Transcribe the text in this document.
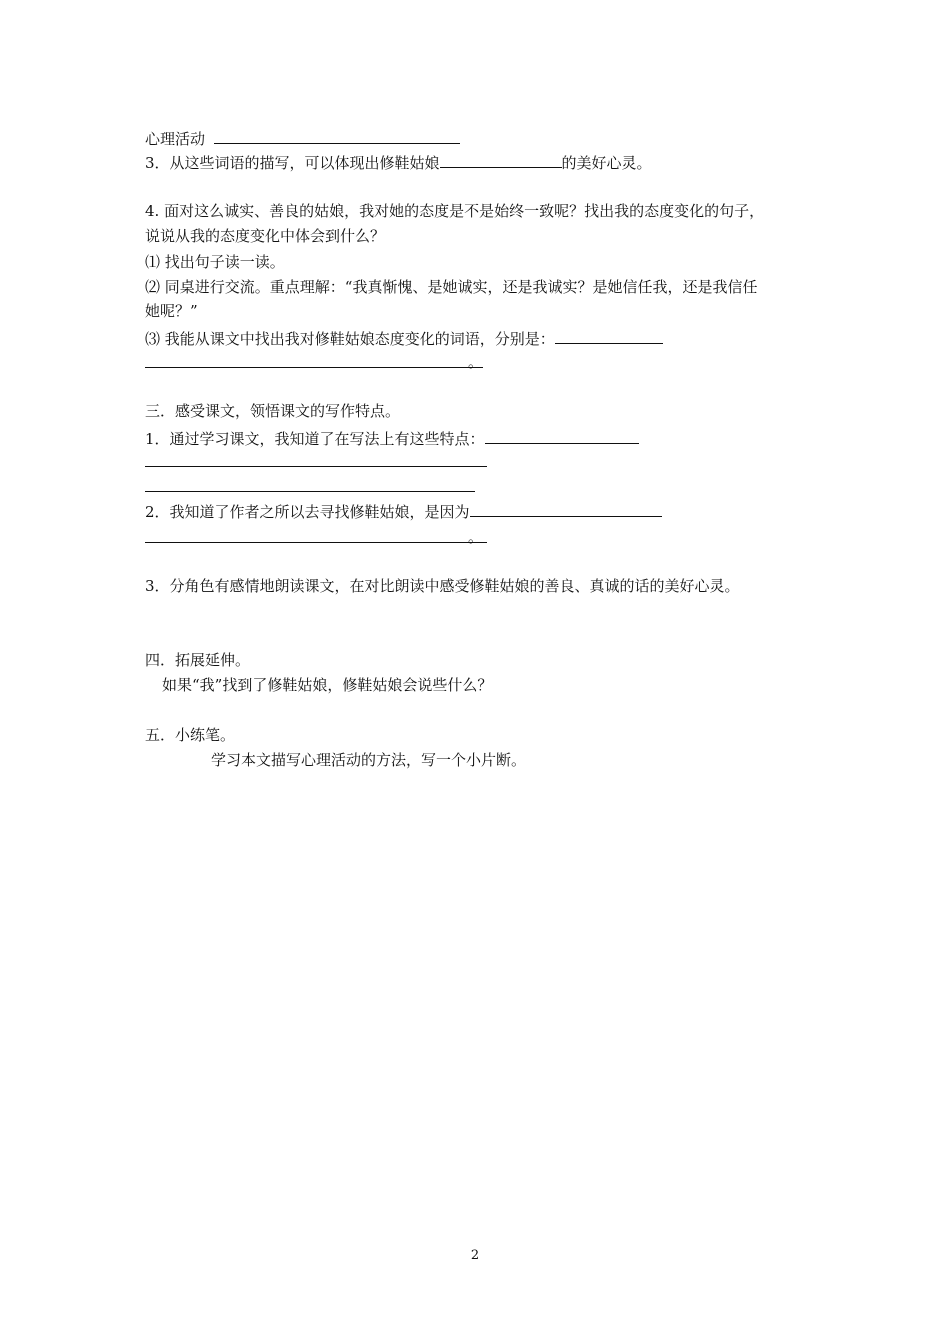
心理活动
3．从这些词语的描写，可以体现出修鞋姑娘	的美好心灵。
4. 面对这么诚实、善良的姑娘，我对她的态度是不是始终一致呢？找出我的态度变化的句子，
说说从我的态度变化中体会到什么？
⑴ 找出句子读一读。
⑵ 同桌进行交流。重点理解：“我真惭愧、是她诚实，还是我诚实？是她信任我，还是我信任
她呢？”
⑶ 我能从课文中找出我对修鞋姑娘态度变化的词语，分别是：
。
三．感受课文，领悟课文的写作特点。
1．通过学习课文，我知道了在写法上有这些特点：
2．我知道了作者之所以去寻找修鞋姑娘，是因为
。
3．分角色有感情地朗读课文，在对比朗读中感受修鞋姑娘的善良、真诚的话的美好心灵。
四．拓展延伸。
如果“我”找到了修鞋姑娘，修鞋姑娘会说些什么？
五．小练笔。
学习本文描写心理活动的方法，写一个小片断。
2
